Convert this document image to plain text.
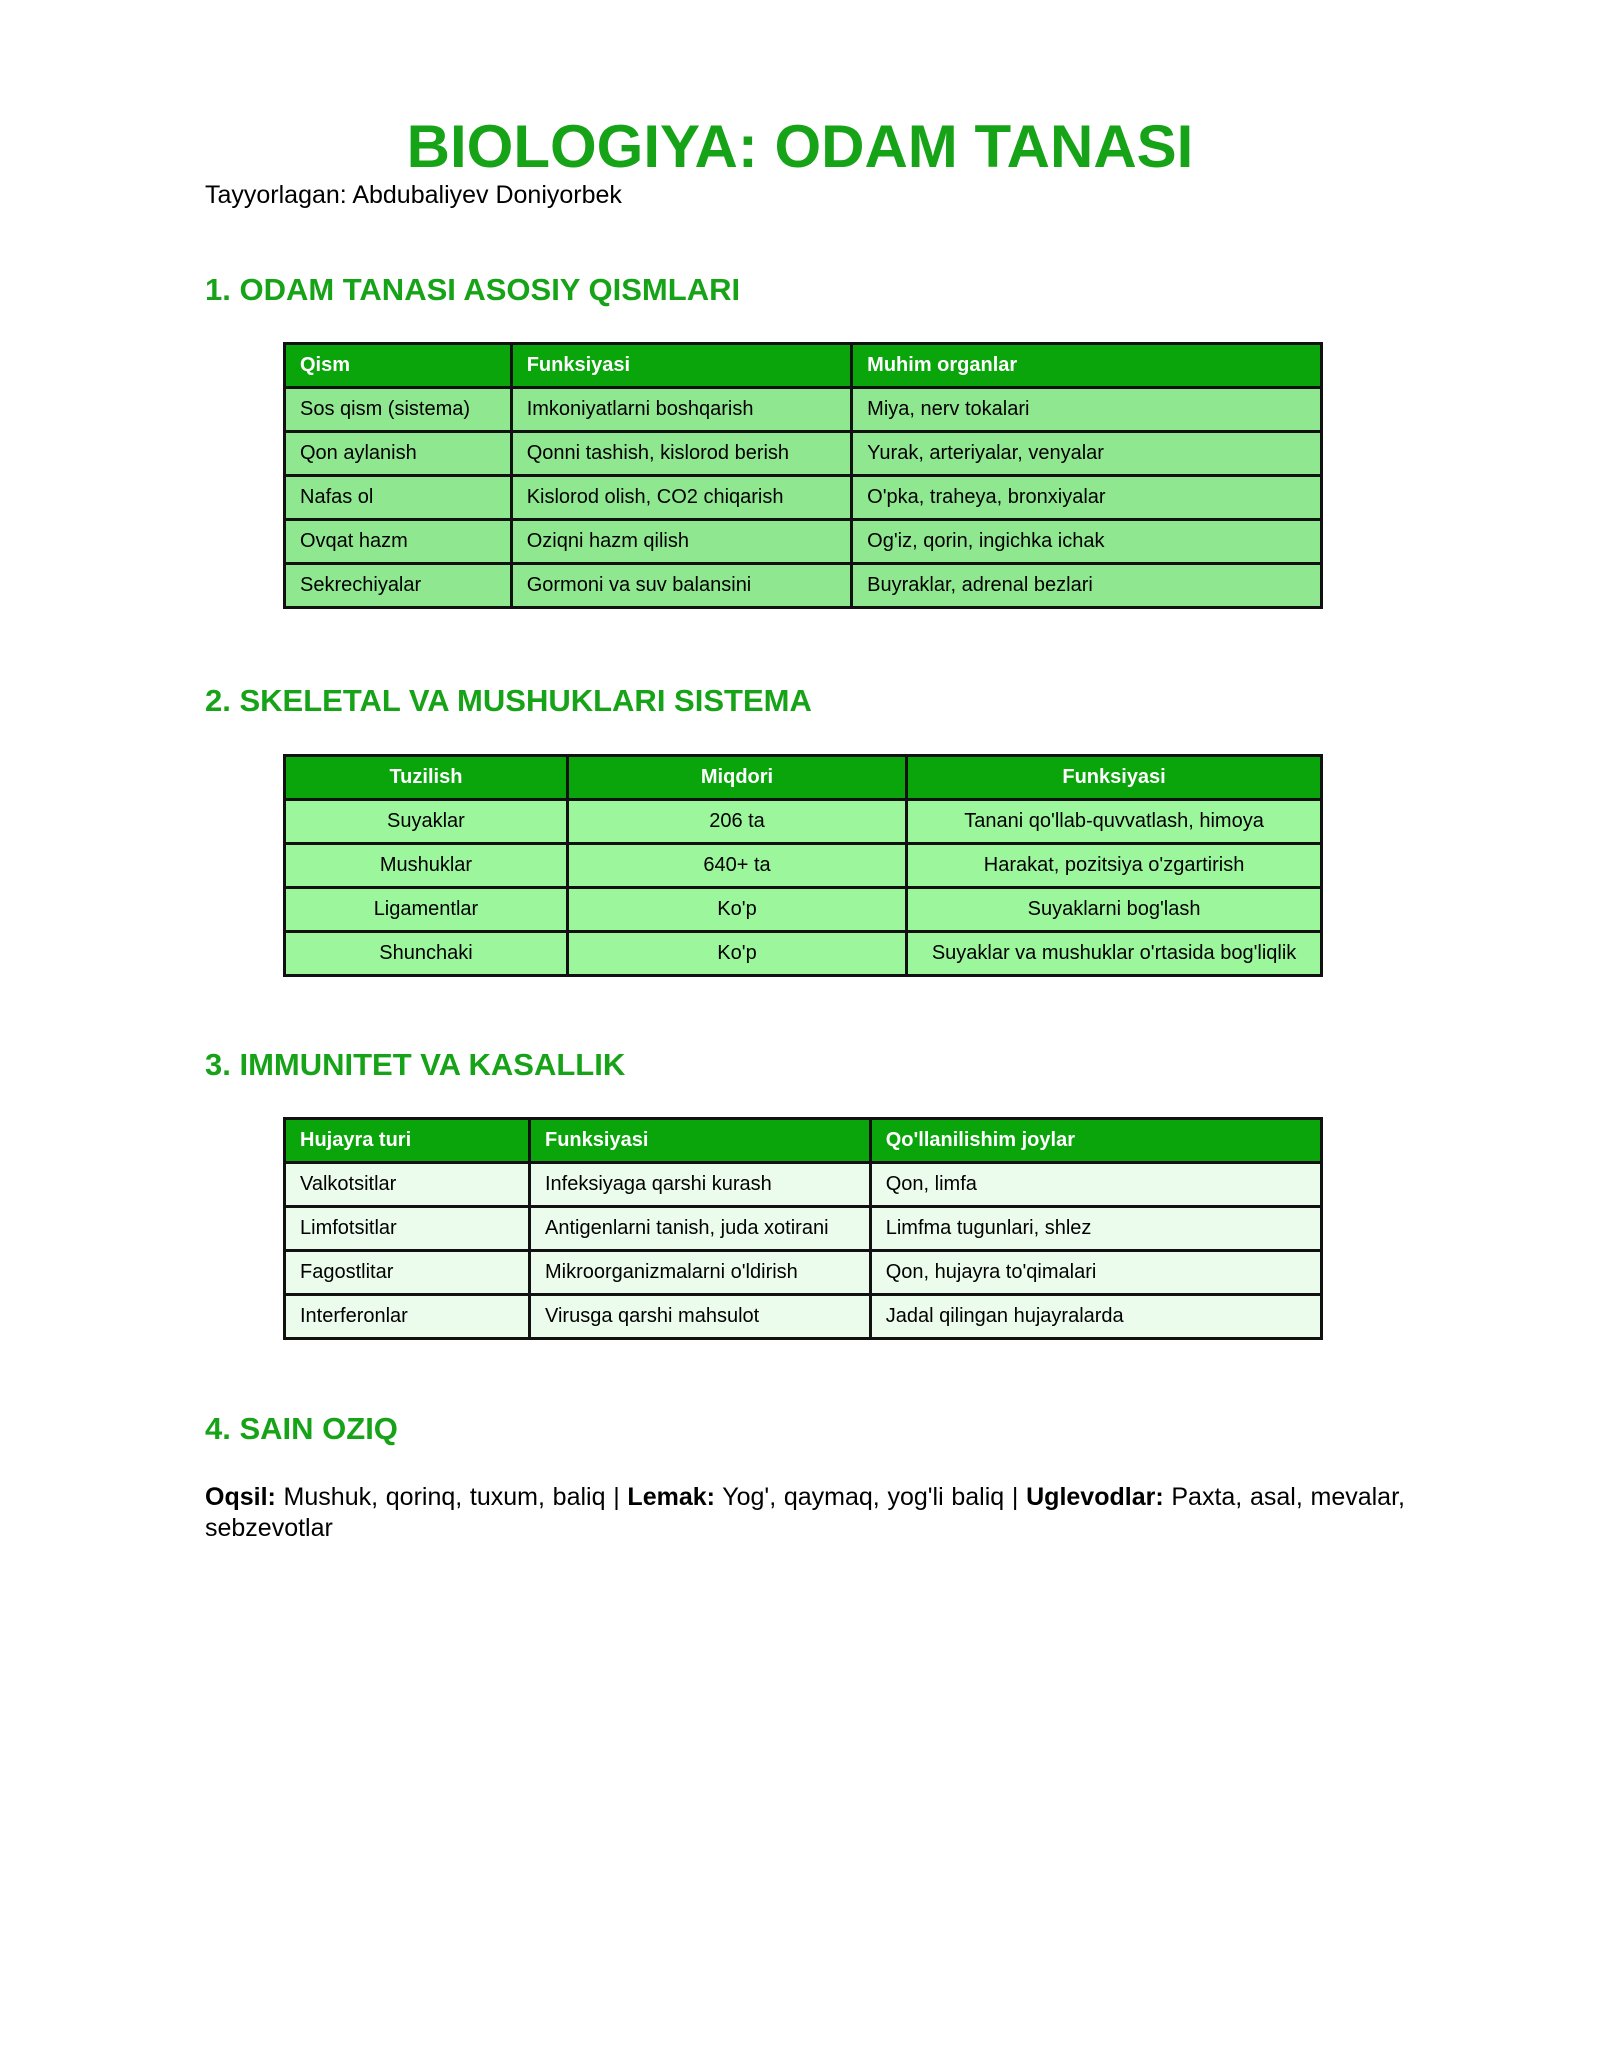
BIOLOGIYA: ODAM TANASI
Tayyorlagan: Abdubaliyev Doniyorbek
1. ODAM TANASI ASOSIY QISMLARI
Qism	Funksiyasi	Muhim organlar
Sos qism (sistema)	Imkoniyatlarni boshqarish	Miya, nerv tokalari
Qon aylanish	Qonni tashish, kislorod berish	Yurak, arteriyalar, venyalar
Nafas ol	Kislorod olish, CO2 chiqarish	O'pka, traheya, bronxiyalar
Ovqat hazm	Oziqni hazm qilish	Og'iz, qorin, ingichka ichak
Sekrechiyalar	Gormoni va suv balansini	Buyraklar, adrenal bezlari
2. SKELETAL VA MUSHUKLARI SISTEMA
Tuzilish	Miqdori	Funksiyasi
Suyaklar	206 ta	Tanani qo'llab-quvvatlash, himoya
Mushuklar	640+ ta	Harakat, pozitsiya o'zgartirish
Ligamentlar	Ko'p	Suyaklarni bog'lash
Shunchaki	Ko'p	Suyaklar va mushuklar o'rtasida bog'liqlik
3. IMMUNITET VA KASALLIK
Hujayra turi	Funksiyasi	Qo'llanilishim joylar
Valkotsitlar	Infeksiyaga qarshi kurash	Qon, limfa
Limfotsitlar	Antigenlarni tanish, juda xotirani	Limfma tugunlari, shlez
Fagostlitar	Mikroorganizmalarni o'ldirish	Qon, hujayra to'qimalari
Interferonlar	Virusga qarshi mahsulot	Jadal qilingan hujayralarda
4. SAIN OZIQ
Oqsil: Mushuk, qorinq, tuxum, baliq | Lemak: Yog', qaymaq, yog'li baliq | Uglevodlar: Paxta, asal, mevalar, sebzevotlar
